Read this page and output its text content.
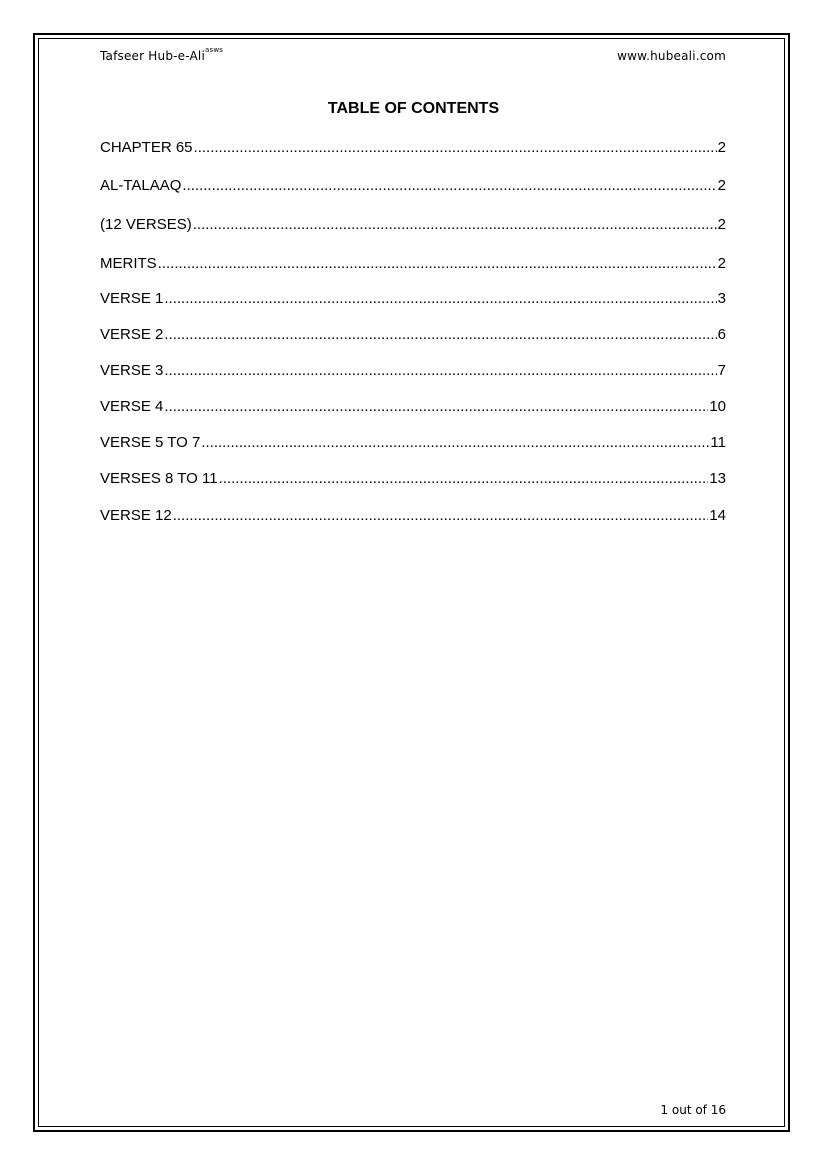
Tafseer Hub-e-Ali$^{asws}$	www.hubeali.com
TABLE OF CONTENTS
CHAPTER 65 .....	2
AL-TALAAQ .....	2
(12 VERSES) .....	2
MERITS .....	2
VERSE 1 .....	3
VERSE 2 .....	6
VERSE 3 .....	7
VERSE 4 .....	10
VERSE 5 TO 7 .....	11
VERSES 8 TO 11 .....	13
VERSE 12 .....	14
1 out of 16
